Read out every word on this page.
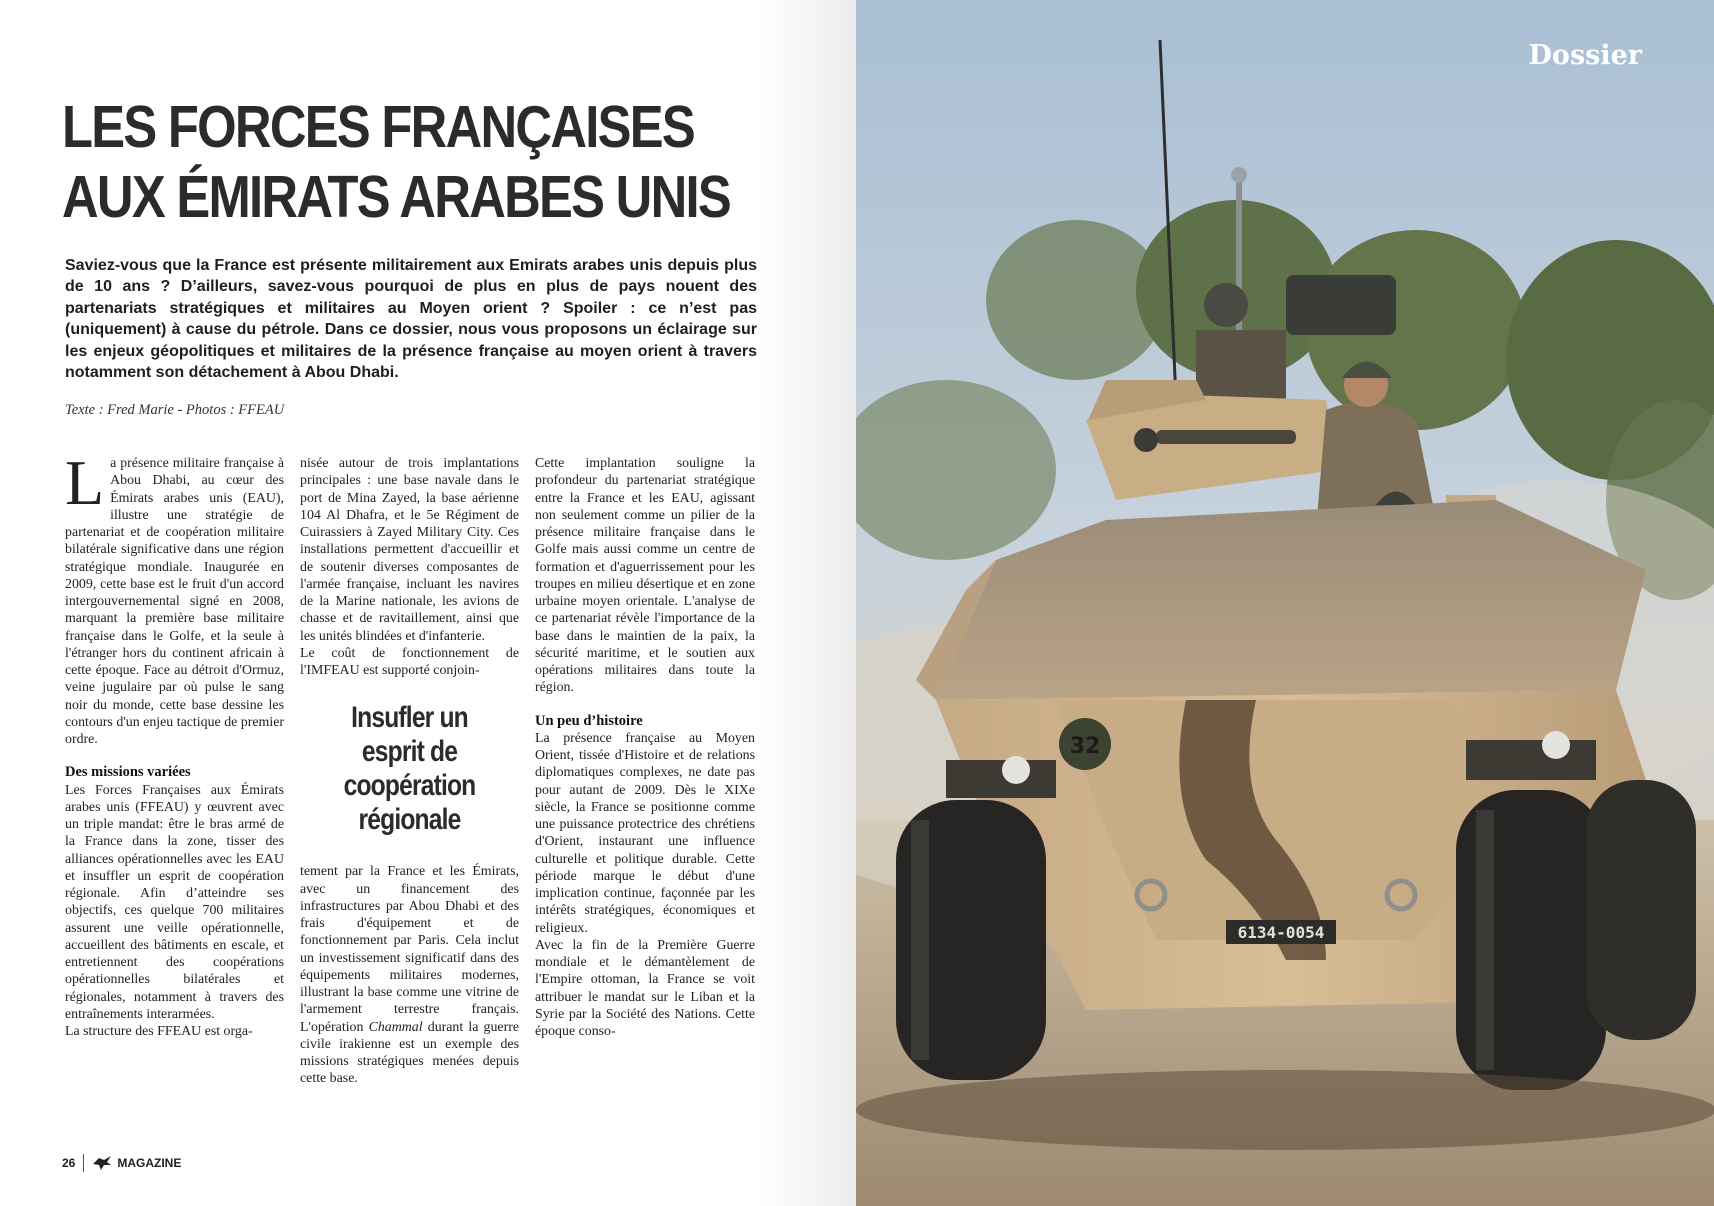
LES FORCES FRANÇAISES
AUX ÉMIRATS ARABES UNIS

Saviez-vous que la France est présente militairement aux Emirats arabes unis depuis plus de 10 ans ? D’ailleurs, savez-vous pourquoi de plus en plus de pays nouent des partenariats stratégiques et militaires au Moyen orient ? Spoiler : ce n’est pas (uniquement) à cause du pétrole. Dans ce dossier, nous vous proposons un éclairage sur les enjeux géopolitiques et militaires de la présence française au moyen orient à travers notamment son détachement à Abou Dhabi.

Texte : Fred Marie - Photos : FFEAU

La présence militaire française à Abou Dhabi, au cœur des Émirats arabes unis (EAU), illustre une stratégie de partenariat et de coopération militaire bilatérale significative dans une région stratégique mondiale. Inaugurée en 2009, cette base est le fruit d'un accord intergouvernemental signé en 2008, marquant la première base militaire française dans le Golfe, et la seule à l'étranger hors du continent africain à cette époque. Face au détroit d'Ormuz, veine jugulaire par où pulse le sang noir du monde, cette base dessine les contours d'un enjeu tactique de premier ordre.

Des missions variées

Les Forces Françaises aux Émirats arabes unis (FFEAU) y œuvrent avec un triple mandat: être le bras armé de la France dans la zone, tisser des alliances opérationnelles avec les EAU et insuffler un esprit de coopération régionale. Afin d’atteindre ses objectifs, ces quelque 700 militaires assurent une veille opérationnelle, accueillent des bâtiments en escale, et entretiennent des coopérations opérationnelles bilatérales et régionales, notamment à travers des entraînements interarmées.

La structure des FFEAU est orga-

nisée autour de trois implantations principales : une base navale dans le port de Mina Zayed, la base aérienne 104 Al Dhafra, et le 5e Régiment de Cuirassiers à Zayed Military City. Ces installations permettent d'accueillir et de soutenir diverses composantes de l'armée française, incluant les navires de la Marine nationale, les avions de chasse et de ravitaillement, ainsi que les unités blindées et d'infanterie.

Le coût de fonctionnement de l'IMFEAU est supporté conjoin-

Insufler un esprit de coopération régionale

tement par la France et les Émirats, avec un financement des infrastructures par Abou Dhabi et des frais d'équipement et de fonctionnement par Paris. Cela inclut un investissement significatif dans des équipements militaires modernes, illustrant la base comme une vitrine de l'armement terrestre français. L'opération Chammal durant la guerre civile irakienne est un exemple des missions stratégiques menées depuis cette base.

Cette implantation souligne la profondeur du partenariat stratégique entre la France et les EAU, agissant non seulement comme un pilier de la présence militaire française dans le Golfe mais aussi comme un centre de formation et d'aguerrissement pour les troupes en milieu désertique et en zone urbaine moyen orientale. L'analyse de ce partenariat révèle l'importance de la base dans le maintien de la paix, la sécurité maritime, et le soutien aux opérations militaires dans toute la région.

Un peu d’histoire

La présence française au Moyen Orient, tissée d'Histoire et de relations diplomatiques complexes, ne date pas pour autant de 2009. Dès le XIXe siècle, la France se positionne comme une puissance protectrice des chrétiens d'Orient, instaurant une influence culturelle et politique durable. Cette période marque le début d'une implication continue, façonnée par les intérêts stratégiques, économiques et religieux.

Avec la fin de la Première Guerre mondiale et le démantèlement de l'Empire ottoman, la France se voit attribuer le mandat sur le Liban et la Syrie par la Société des Nations. Cette époque conso-

26	MAGAZINE
32
6134-0054

Dossier
